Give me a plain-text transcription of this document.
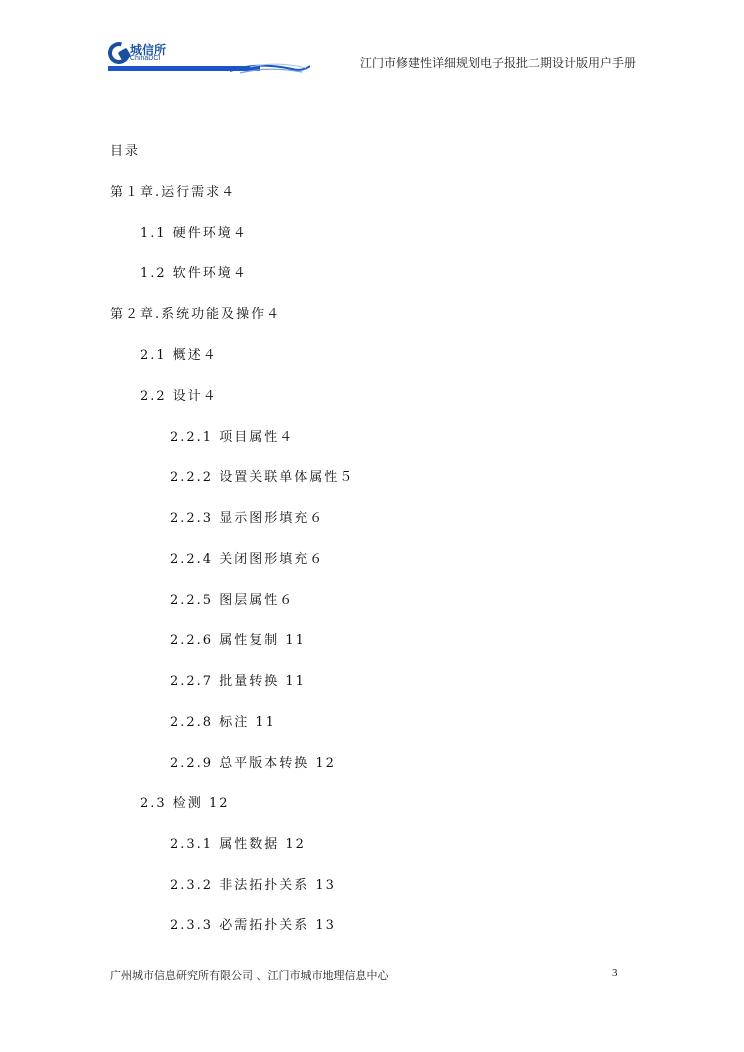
城信所
ChinaDCI	江门市修建性详细规划电子报批二期设计版用户手册
目录
第１章.运行需求４
1.1 硬件环境４
1.2 软件环境４
第２章.系统功能及操作４
2.1 概述４
2.2 设计４
2.2.1 项目属性４
2.2.2 设置关联单体属性５
2.2.3 显示图形填充６
2.2.4 关闭图形填充６
2.2.5 图层属性６
2.2.6 属性复制 11
2.2.7 批量转换 11
2.2.8 标注 11
2.2.9 总平版本转换 12
2.3 检测 12
2.3.1 属性数据 12
2.3.2 非法拓扑关系 13
2.3.3 必需拓扑关系 13
广州城市信息研究所有限公司 、江门市城市地理信息中心	3
